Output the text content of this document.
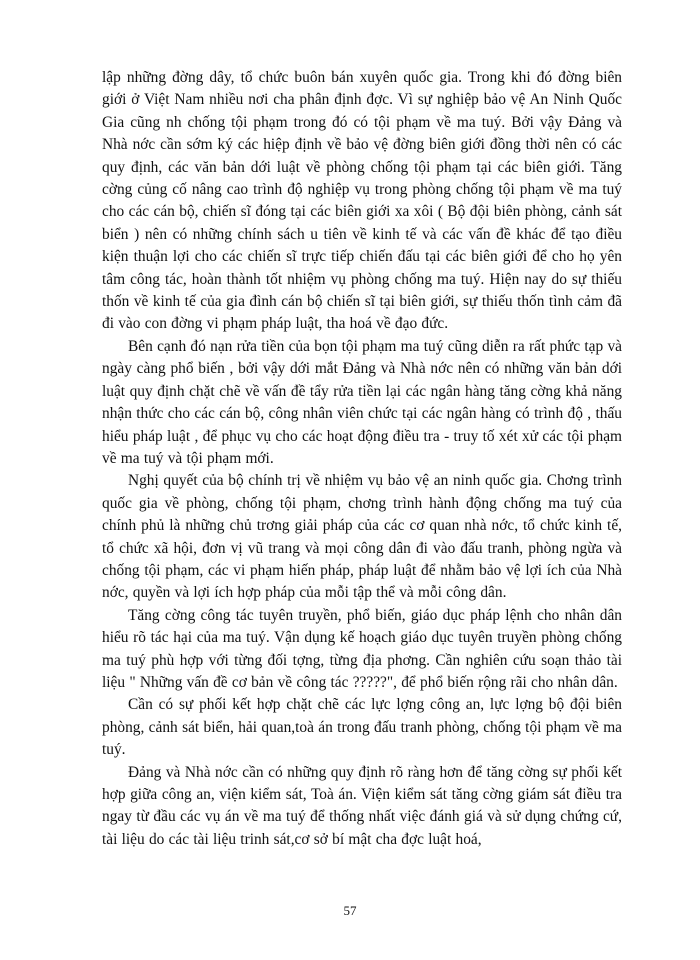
lập những đờng dây, tổ chức buôn bán xuyên quốc gia. Trong khi đó đờng biên giới ở Việt Nam nhiều nơi cha phân định đợc. Vì sự nghiệp bảo vệ An Ninh Quốc Gia cũng nh chống tội phạm trong đó có tội phạm về ma tuý. Bởi vậy Đảng và Nhà nớc cần sớm ký các hiệp định về bảo vệ đờng biên giới đồng thời nên có các quy định, các văn bản dới luật về phòng chống tội phạm tại các biên giới. Tăng cờng củng cố nâng cao trình độ nghiệp vụ trong phòng chống tội phạm về ma tuý cho các cán bộ, chiến sĩ đóng tại các biên giới xa xôi ( Bộ đội biên phòng, cảnh sát biển ) nên có những chính sách u tiên về kinh tế và các vấn đề khác để tạo điều kiện thuận lợi cho các chiến sĩ trực tiếp chiến đấu tại các biên giới để cho họ yên tâm công tác, hoàn thành tốt nhiệm vụ phòng chống ma tuý. Hiện nay do sự thiếu thốn về kinh tế của gia đình cán bộ chiến sĩ tại biên giới, sự thiếu thốn tình cảm đã đi vào con đờng vi phạm pháp luật, tha hoá về đạo đức.

Bên cạnh đó nạn rửa tiền của bọn tội phạm ma tuý cũng diễn ra rất phức tạp và ngày càng phổ biến , bởi vậy dới mắt Đảng và Nhà nớc nên có những văn bản dới luật quy định chặt chẽ về vấn đề tẩy rửa tiền lại các ngân hàng tăng cờng khả năng nhận thức cho các cán bộ, công nhân viên chức tại các ngân hàng có trình độ , thấu hiểu pháp luật , để phục vụ cho các hoạt động điều tra - truy tố xét xử các tội phạm về ma tuý và tội phạm mới.

Nghị quyết của bộ chính trị về nhiệm vụ bảo vệ an ninh quốc gia. Chơng trình quốc gia về phòng, chống tội phạm, chơng trình hành động chống ma tuý của chính phủ là những chủ trơng giải pháp của các cơ quan nhà nớc, tổ chức kinh tế, tổ chức xã hội, đơn vị vũ trang và mọi công dân đi vào đấu tranh, phòng ngừa và chống tội phạm, các vi phạm hiến pháp, pháp luật để nhằm bảo vệ lợi ích của Nhà nớc, quyền và lợi ích hợp pháp của mỗi tập thể và mỗi công dân.

Tăng cờng công tác tuyên truyền, phổ biến, giáo dục pháp lệnh cho nhân dân hiểu rõ tác hại của ma tuý. Vận dụng kế hoạch giáo dục tuyên truyền phòng chống ma tuý phù hợp với từng đối tợng, từng địa phơng. Cần nghiên cứu soạn thảo tài liệu " Những vấn đề cơ bản về công tác ?????", để phổ biến rộng rãi cho nhân dân.

Cần có sự phối kết hợp chặt chẽ các lực lợng công an, lực lợng bộ đội biên phòng, cảnh sát biển, hải quan,toà án trong đấu tranh phòng, chống tội phạm về ma tuý.

Đảng và Nhà nớc cần có những quy định rõ ràng hơn để tăng cờng sự phối kết hợp giữa công an, viện kiểm sát, Toà án. Viện kiểm sát tăng cờng giám sát điều tra ngay từ đầu các vụ án về ma tuý để thống nhất việc đánh giá và sử dụng chứng cứ, tài liệu do các tài liệu trinh sát,cơ sở bí mật cha đợc luật hoá,

57
